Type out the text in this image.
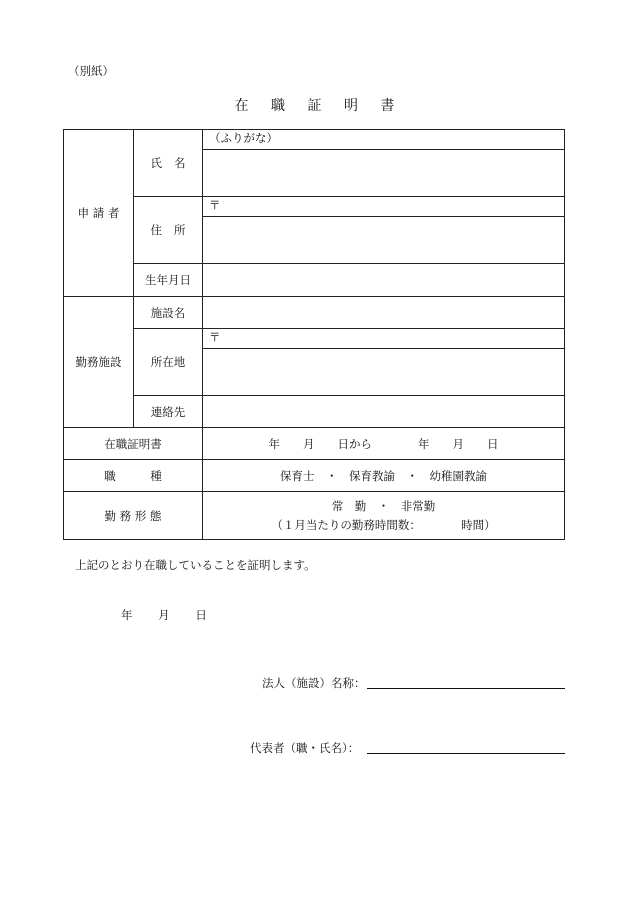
（別紙）
在 職 証 明 書
申 請 者	氏 名	（ふりがな）

	住 所	〒

	生年月日	
勤務施設	施設名	
	所在地	〒

	連絡先	
在職証明書		年　　月　　日から　　　　年　　月　　日
職　　　種		保育士　・　保育教諭　・　幼稚園教諭
勤 務 形 態		常　勤　・　非常勤
（１月当たりの勤務時間数：　　　　時間）
上記のとおり在職していることを証明します。
年 月 日
法人（施設）名称：
代表者（職・氏名）：
